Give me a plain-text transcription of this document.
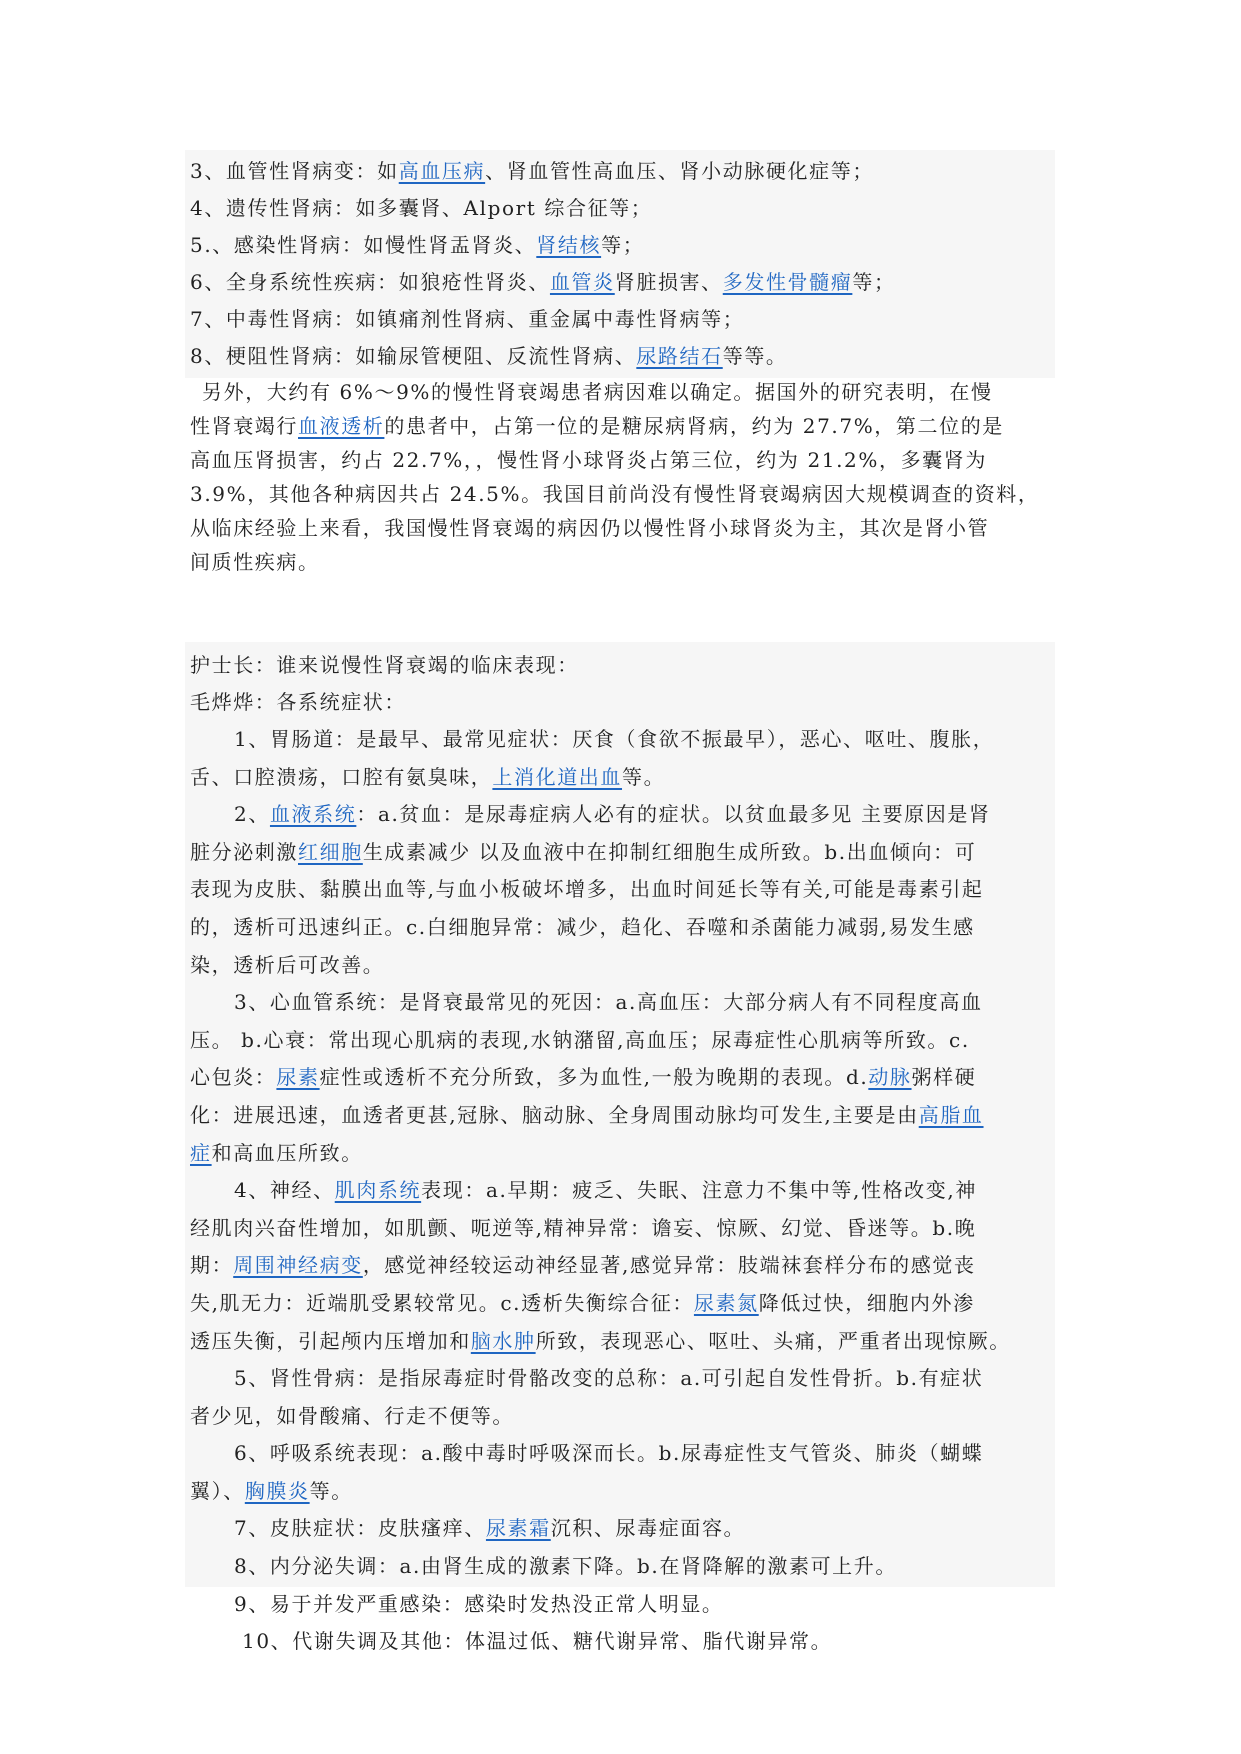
3、血管性肾病变：如高血压病、肾血管性高血压、肾小动脉硬化症等；
4、遗传性肾病：如多囊肾、Alport 综合征等；
5.、感染性肾病：如慢性肾盂肾炎、肾结核等；
6、全身系统性疾病：如狼疮性肾炎、血管炎肾脏损害、多发性骨髓瘤等；
7、中毒性肾病：如镇痛剂性肾病、重金属中毒性肾病等；
8、梗阻性肾病：如输尿管梗阻、反流性肾病、尿路结石等等。
另外，大约有 6%～9%的慢性肾衰竭患者病因难以确定。据国外的研究表明，在慢
性肾衰竭行血液透析的患者中，占第一位的是糖尿病肾病，约为 27.7%，第二位的是
高血压肾损害，约占 22.7%，，慢性肾小球肾炎占第三位，约为 21.2%，多囊肾为
3.9%，其他各种病因共占 24.5%。我国目前尚没有慢性肾衰竭病因大规模调查的资料，
从临床经验上来看，我国慢性肾衰竭的病因仍以慢性肾小球肾炎为主，其次是肾小管
间质性疾病。
护士长：谁来说慢性肾衰竭的临床表现：
毛烨烨：各系统症状：
1、胃肠道：是最早、最常见症状：厌食（食欲不振最早），恶心、呕吐、腹胀，
舌、口腔溃疡，口腔有氨臭味，上消化道出血等。
2、血液系统：a.贫血：是尿毒症病人必有的症状。以贫血最多见 主要原因是肾
脏分泌刺激红细胞生成素减少 以及血液中在抑制红细胞生成所致。b.出血倾向：可
表现为皮肤、黏膜出血等,与血小板破坏增多，出血时间延长等有关,可能是毒素引起
的，透析可迅速纠正。c.白细胞异常：减少，趋化、吞噬和杀菌能力减弱,易发生感
染，透析后可改善。
3、心血管系统：是肾衰最常见的死因：a.高血压：大部分病人有不同程度高血
压。 b.心衰：常出现心肌病的表现,水钠潴留,高血压；尿毒症性心肌病等所致。c.
心包炎：尿素症性或透析不充分所致，多为血性,一般为晚期的表现。d.动脉粥样硬
化：进展迅速，血透者更甚,冠脉、脑动脉、全身周围动脉均可发生,主要是由高脂血
症和高血压所致。
4、神经、肌肉系统表现：a.早期：疲乏、失眠、注意力不集中等,性格改变,神
经肌肉兴奋性增加，如肌颤、呃逆等,精神异常：谵妄、惊厥、幻觉、昏迷等。b.晚
期：周围神经病变，感觉神经较运动神经显著,感觉异常：肢端袜套样分布的感觉丧
失,肌无力：近端肌受累较常见。c.透析失衡综合征：尿素氮降低过快，细胞内外渗
透压失衡，引起颅内压增加和脑水肿所致，表现恶心、呕吐、头痛，严重者出现惊厥。
5、肾性骨病：是指尿毒症时骨骼改变的总称：a.可引起自发性骨折。b.有症状
者少见，如骨酸痛、行走不便等。
6、呼吸系统表现：a.酸中毒时呼吸深而长。b.尿毒症性支气管炎、肺炎（蝴蝶
翼）、胸膜炎等。
7、皮肤症状：皮肤瘙痒、尿素霜沉积、尿毒症面容。
8、内分泌失调：a.由肾生成的激素下降。b.在肾降解的激素可上升。
9、易于并发严重感染：感染时发热没正常人明显。
10、代谢失调及其他：体温过低、糖代谢异常、脂代谢异常。
